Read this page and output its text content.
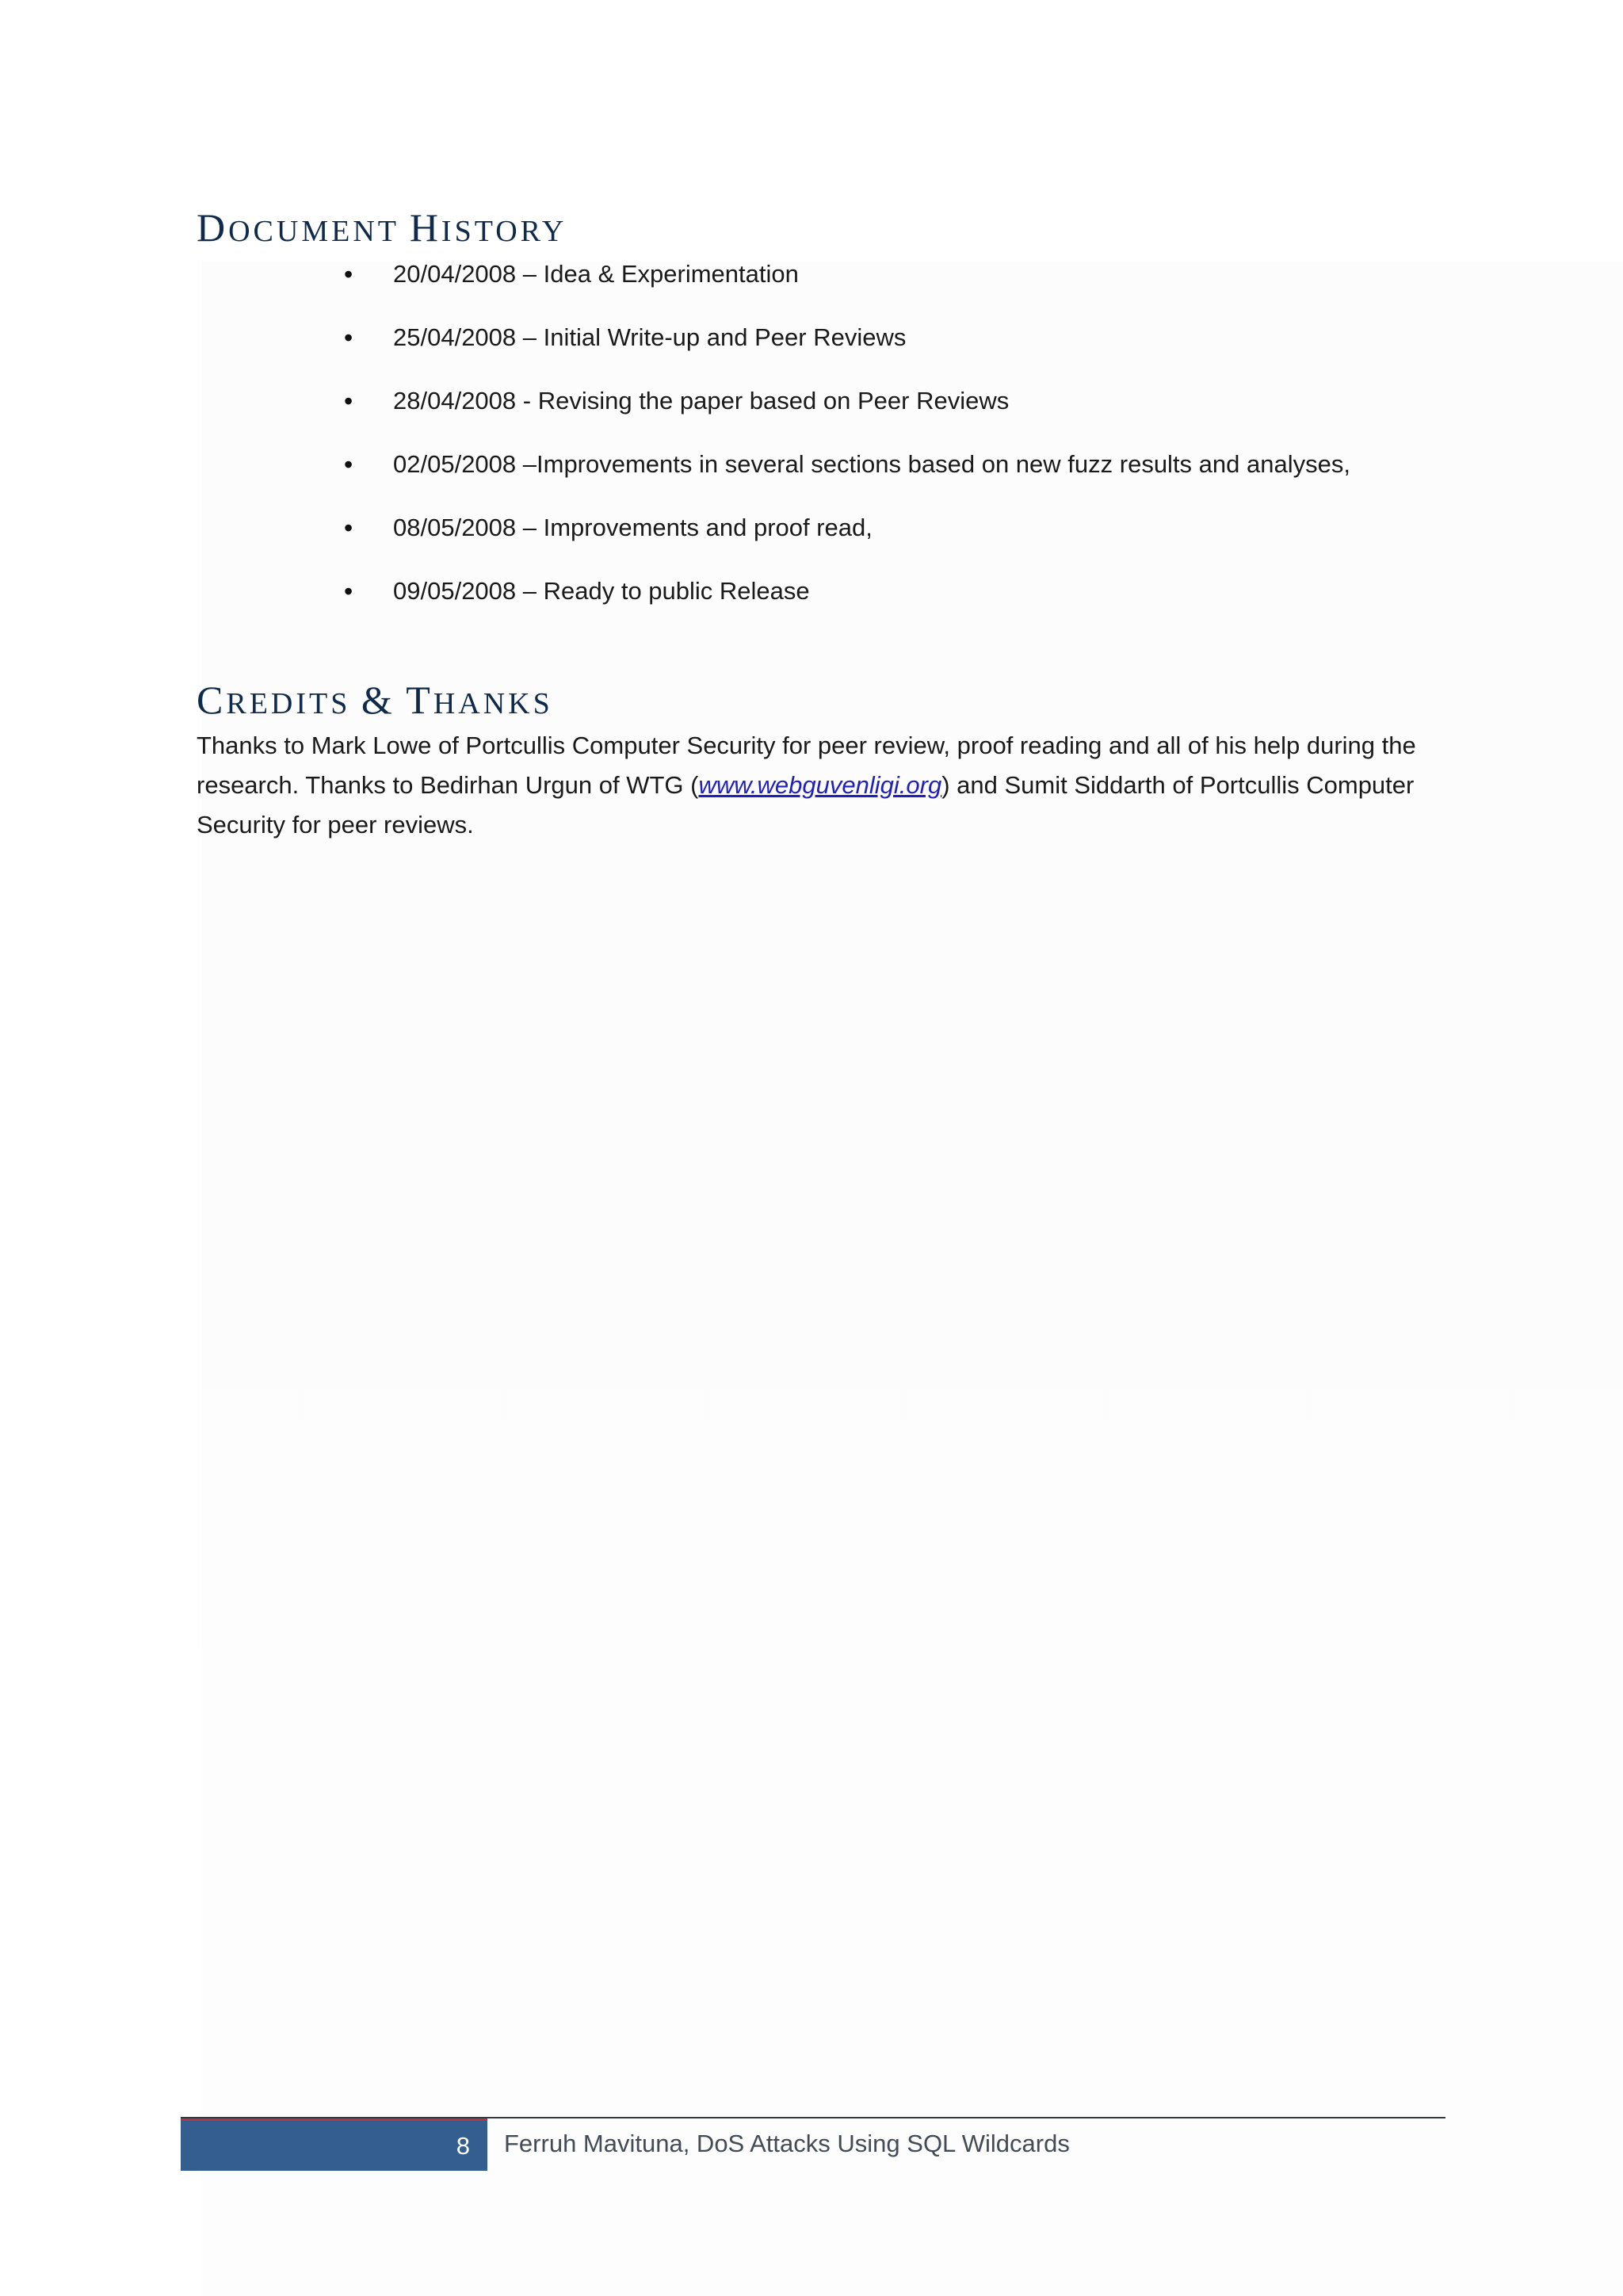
DOCUMENT HISTORY
• 20/04/2008 – Idea & Experimentation
• 25/04/2008 – Initial Write-up and Peer Reviews
• 28/04/2008 - Revising the paper based on Peer Reviews
• 02/05/2008 –Improvements in several sections based on new fuzz results and analyses,
• 08/05/2008 – Improvements and proof read,
• 09/05/2008 – Ready to public Release
CREDITS & THANKS

Thanks to Mark Lowe of Portcullis Computer Security for peer review, proof reading and all of his help during the research. Thanks to Bedirhan Urgun of WTG (www.webguvenligi.org) and Sumit Siddarth of Portcullis Computer Security for peer reviews.

8 Ferruh Mavituna, DoS Attacks Using SQL Wildcards
